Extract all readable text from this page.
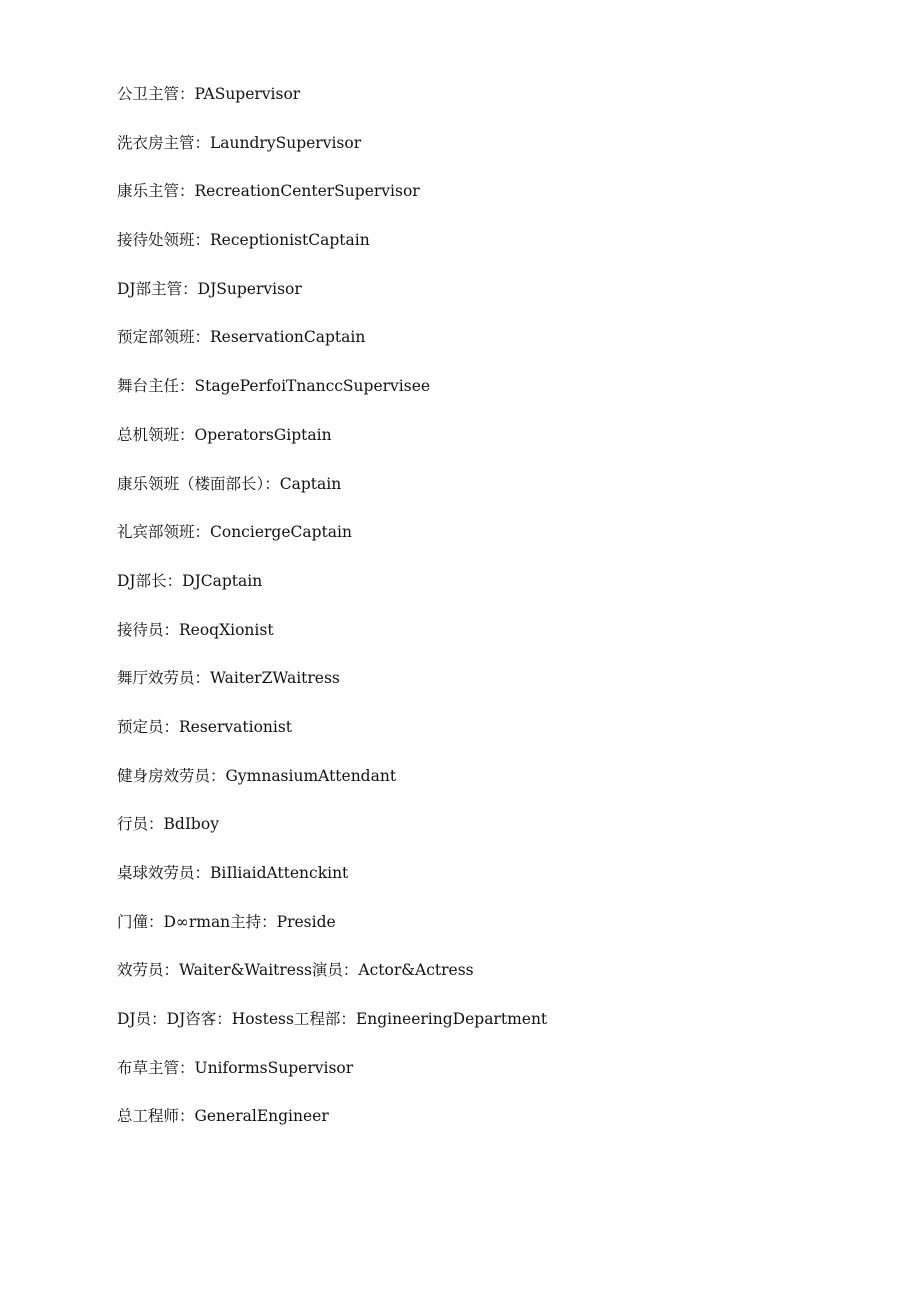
公卫主管：PASupervisor
洗衣房主管：LaundrySupervisor
康乐主管：RecreationCenterSupervisor
接待处领班：ReceptionistCaptain
DJ部主管：DJSupervisor
预定部领班：ReservationCaptain
舞台主任：StagePerfoiTnanccSupervisee
总机领班：OperatorsGiptain
康乐领班（楼面部长）：Captain
礼宾部领班：ConciergeCaptain
DJ部长：DJCaptain
接待员：ReoqXionist
舞厅效劳员：WaiterZWaitress
预定员：Reservationist
健身房效劳员：GymnasiumAttendant
行员：BdIboy
桌球效劳员：BiIliaidAttenckint
门僮：D∞rman主持：Preside
效劳员：Waiter&Waitress演员：Actor&Actress
DJ员：DJ咨客：Hostess工程部：EngineeringDepartment
布草主管：UniformsSupervisor
总工程师：GeneralEngineer
